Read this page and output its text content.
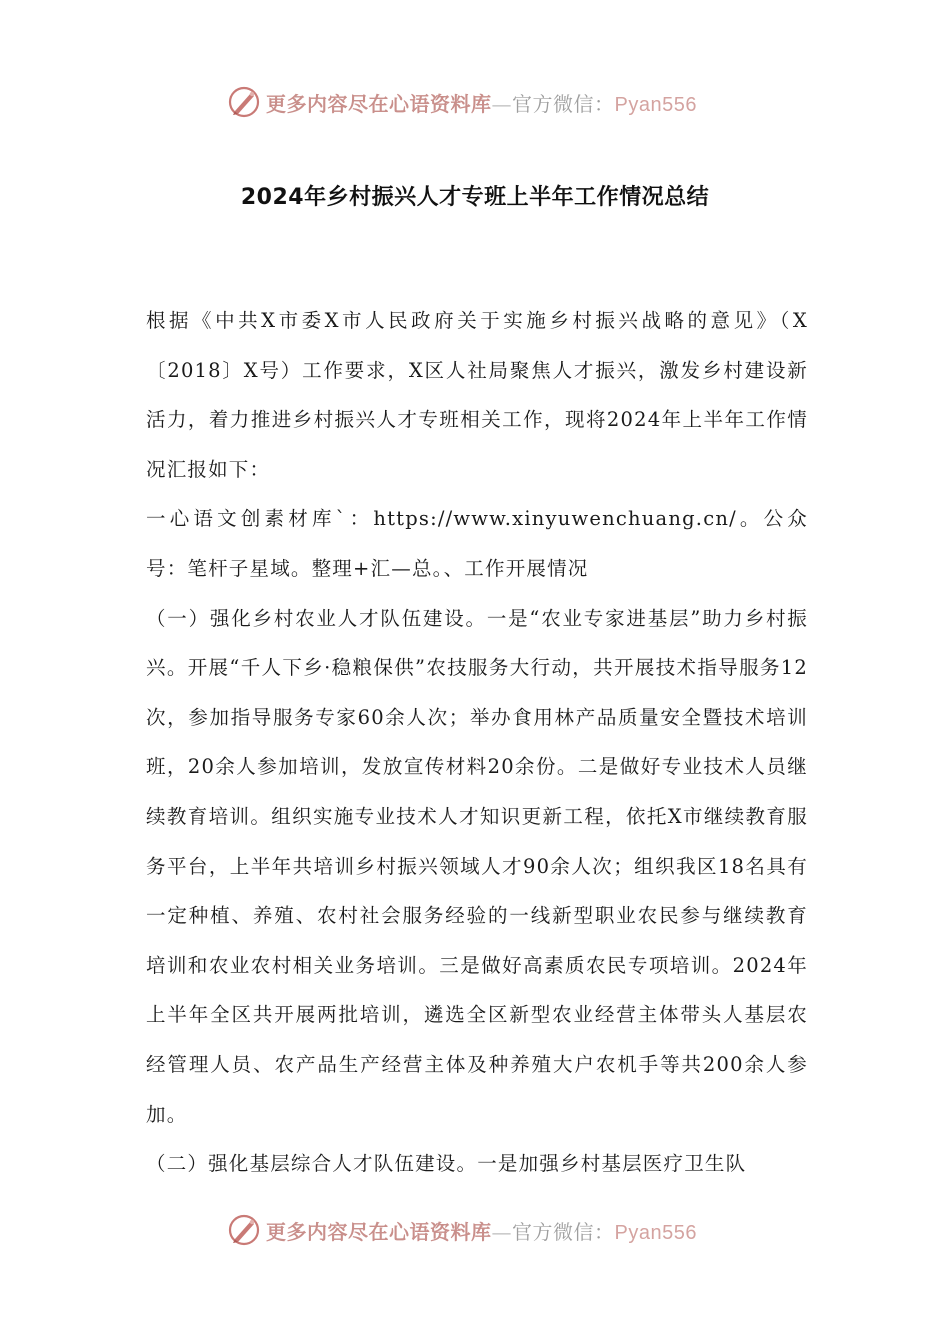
更多内容尽在心语资料库—官方微信：Pyan556
2024年乡村振兴人才专班上半年工作情况总结

根据《中共X市委X市人民政府关于实施乡村振兴战略的意见》（X〔2018〕X号）工作要求，X区人社局聚焦人才振兴，激发乡村建设新活力，着力推进乡村振兴人才专班相关工作，现将2024年上半年工作情况汇报如下：

一心语文创素材库`：https://www.xinyuwenchuang.cn/。公众号：笔杆子星域。整理+汇—总。、工作开展情况

（一）强化乡村农业人才队伍建设。一是“农业专家进基层”助力乡村振兴。开展“千人下乡·稳粮保供”农技服务大行动，共开展技术指导服务12次，参加指导服务专家60余人次；举办食用林产品质量安全暨技术培训班，20余人参加培训，发放宣传材料20余份。二是做好专业技术人员继续教育培训。组织实施专业技术人才知识更新工程，依托X市继续教育服务平台，上半年共培训乡村振兴领域人才90余人次；组织我区18名具有一定种植、养殖、农村社会服务经验的一线新型职业农民参与继续教育培训和农业农村相关业务培训。三是做好高素质农民专项培训。2024年上半年全区共开展两批培训，遴选全区新型农业经营主体带头人基层农经管理人员、农产品生产经营主体及种养殖大户农机手等共200余人参加。

（二）强化基层综合人才队伍建设。一是加强乡村基层医疗卫生队

更多内容尽在心语资料库—官方微信：Pyan556
